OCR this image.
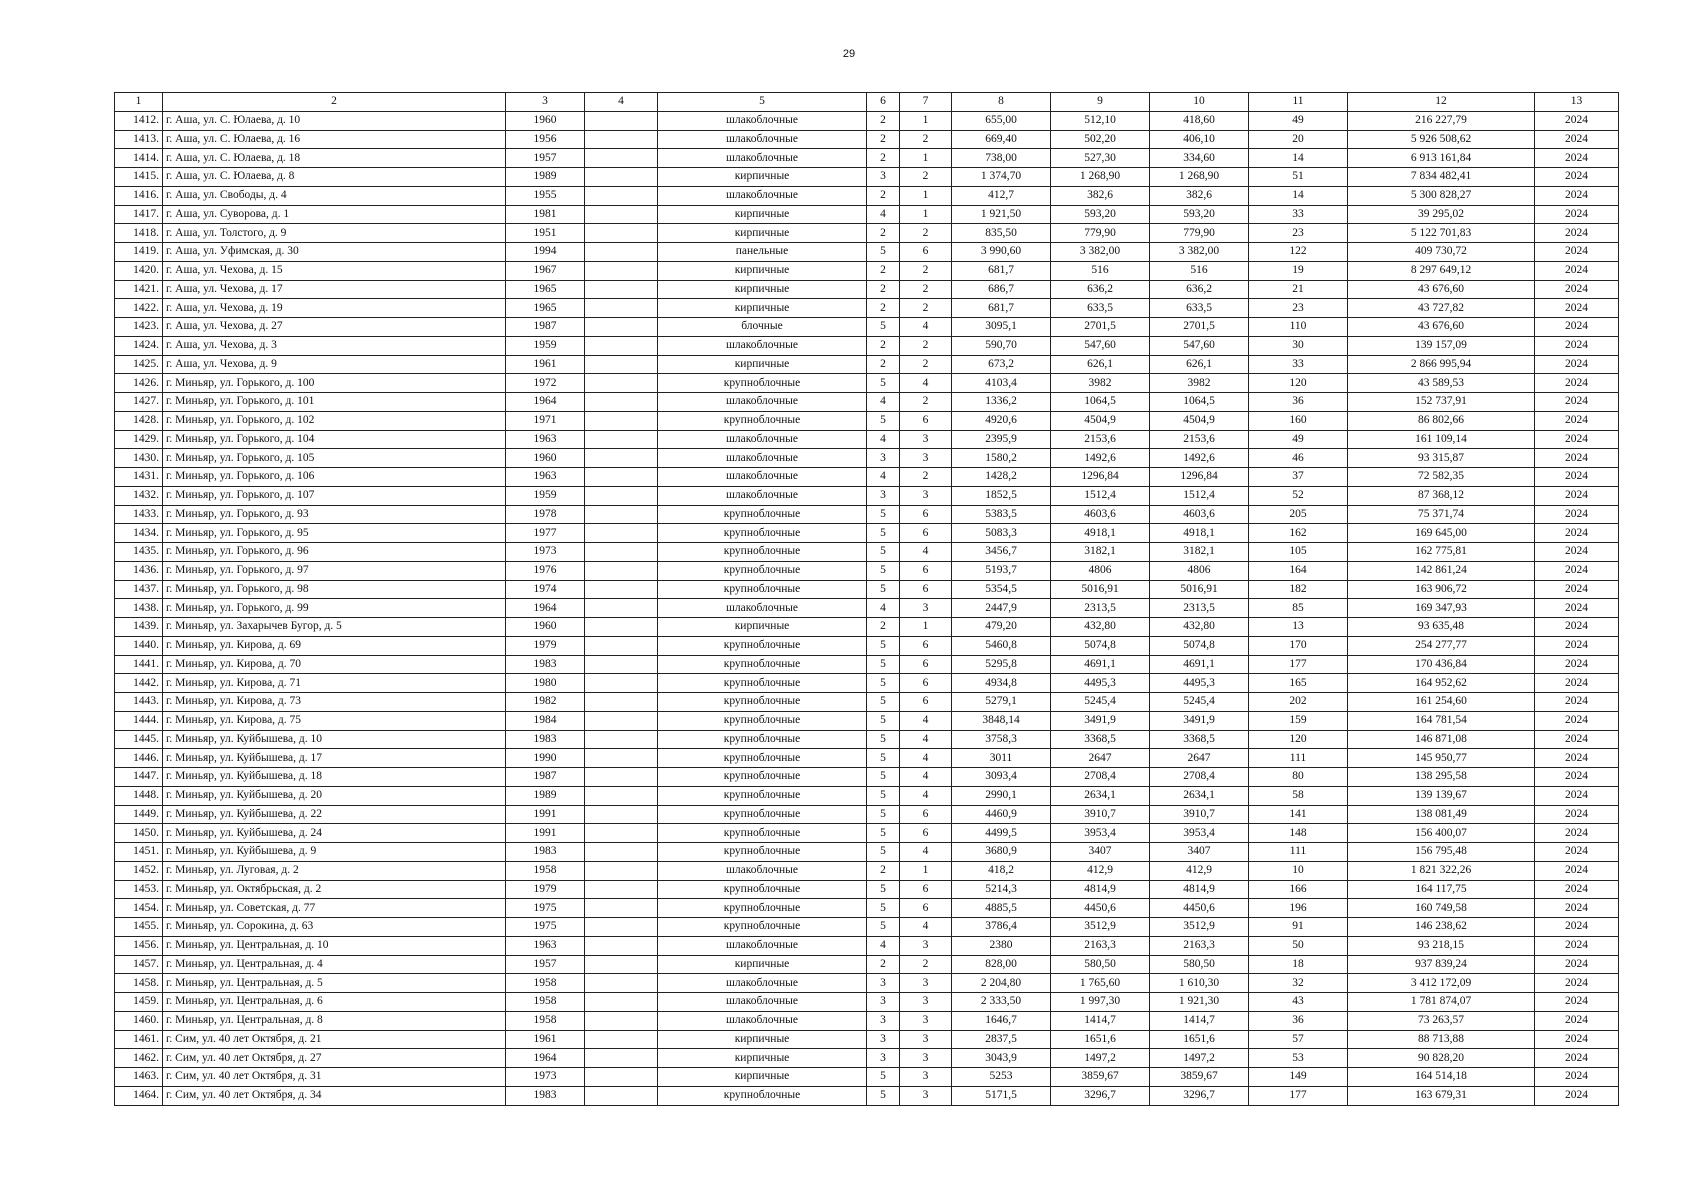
29
1	2	3	4	5	6	7	8	9	10	11	12	13
1412.	г. Аша, ул. С. Юлаева, д. 10	1960		шлакоблочные	2	1	655,00	512,10	418,60	49	216 227,79	2024
1413.	г. Аша, ул. С. Юлаева, д. 16	1956		шлакоблочные	2	2	669,40	502,20	406,10	20	5 926 508,62	2024
1414.	г. Аша, ул. С. Юлаева, д. 18	1957		шлакоблочные	2	1	738,00	527,30	334,60	14	6 913 161,84	2024
1415.	г. Аша, ул. С. Юлаева, д. 8	1989		кирпичные	3	2	1 374,70	1 268,90	1 268,90	51	7 834 482,41	2024
1416.	г. Аша, ул. Свободы, д. 4	1955		шлакоблочные	2	1	412,7	382,6	382,6	14	5 300 828,27	2024
1417.	г. Аша, ул. Суворова, д. 1	1981		кирпичные	4	1	1 921,50	593,20	593,20	33	39 295,02	2024
1418.	г. Аша, ул. Толстого, д. 9	1951		кирпичные	2	2	835,50	779,90	779,90	23	5 122 701,83	2024
1419.	г. Аша, ул. Уфимская, д. 30	1994		панельные	5	6	3 990,60	3 382,00	3 382,00	122	409 730,72	2024
1420.	г. Аша, ул. Чехова, д. 15	1967		кирпичные	2	2	681,7	516	516	19	8 297 649,12	2024
1421.	г. Аша, ул. Чехова, д. 17	1965		кирпичные	2	2	686,7	636,2	636,2	21	43 676,60	2024
1422.	г. Аша, ул. Чехова, д. 19	1965		кирпичные	2	2	681,7	633,5	633,5	23	43 727,82	2024
1423.	г. Аша, ул. Чехова, д. 27	1987		блочные	5	4	3095,1	2701,5	2701,5	110	43 676,60	2024
1424.	г. Аша, ул. Чехова, д. 3	1959		шлакоблочные	2	2	590,70	547,60	547,60	30	139 157,09	2024
1425.	г. Аша, ул. Чехова, д. 9	1961		кирпичные	2	2	673,2	626,1	626,1	33	2 866 995,94	2024
1426.	г. Миньяр, ул. Горького, д. 100	1972		крупноблочные	5	4	4103,4	3982	3982	120	43 589,53	2024
1427.	г. Миньяр, ул. Горького, д. 101	1964		шлакоблочные	4	2	1336,2	1064,5	1064,5	36	152 737,91	2024
1428.	г. Миньяр, ул. Горького, д. 102	1971		крупноблочные	5	6	4920,6	4504,9	4504,9	160	86 802,66	2024
1429.	г. Миньяр, ул. Горького, д. 104	1963		шлакоблочные	4	3	2395,9	2153,6	2153,6	49	161 109,14	2024
1430.	г. Миньяр, ул. Горького, д. 105	1960		шлакоблочные	3	3	1580,2	1492,6	1492,6	46	93 315,87	2024
1431.	г. Миньяр, ул. Горького, д. 106	1963		шлакоблочные	4	2	1428,2	1296,84	1296,84	37	72 582,35	2024
1432.	г. Миньяр, ул. Горького, д. 107	1959		шлакоблочные	3	3	1852,5	1512,4	1512,4	52	87 368,12	2024
1433.	г. Миньяр, ул. Горького, д. 93	1978		крупноблочные	5	6	5383,5	4603,6	4603,6	205	75 371,74	2024
1434.	г. Миньяр, ул. Горького, д. 95	1977		крупноблочные	5	6	5083,3	4918,1	4918,1	162	169 645,00	2024
1435.	г. Миньяр, ул. Горького, д. 96	1973		крупноблочные	5	4	3456,7	3182,1	3182,1	105	162 775,81	2024
1436.	г. Миньяр, ул. Горького, д. 97	1976		крупноблочные	5	6	5193,7	4806	4806	164	142 861,24	2024
1437.	г. Миньяр, ул. Горького, д. 98	1974		крупноблочные	5	6	5354,5	5016,91	5016,91	182	163 906,72	2024
1438.	г. Миньяр, ул. Горького, д. 99	1964		шлакоблочные	4	3	2447,9	2313,5	2313,5	85	169 347,93	2024
1439.	г. Миньяр, ул. Захарычев Бугор, д. 5	1960		кирпичные	2	1	479,20	432,80	432,80	13	93 635,48	2024
1440.	г. Миньяр, ул. Кирова, д. 69	1979		крупноблочные	5	6	5460,8	5074,8	5074,8	170	254 277,77	2024
1441.	г. Миньяр, ул. Кирова, д. 70	1983		крупноблочные	5	6	5295,8	4691,1	4691,1	177	170 436,84	2024
1442.	г. Миньяр, ул. Кирова, д. 71	1980		крупноблочные	5	6	4934,8	4495,3	4495,3	165	164 952,62	2024
1443.	г. Миньяр, ул. Кирова, д. 73	1982		крупноблочные	5	6	5279,1	5245,4	5245,4	202	161 254,60	2024
1444.	г. Миньяр, ул. Кирова, д. 75	1984		крупноблочные	5	4	3848,14	3491,9	3491,9	159	164 781,54	2024
1445.	г. Миньяр, ул. Куйбышева, д. 10	1983		крупноблочные	5	4	3758,3	3368,5	3368,5	120	146 871,08	2024
1446.	г. Миньяр, ул. Куйбышева, д. 17	1990		крупноблочные	5	4	3011	2647	2647	111	145 950,77	2024
1447.	г. Миньяр, ул. Куйбышева, д. 18	1987		крупноблочные	5	4	3093,4	2708,4	2708,4	80	138 295,58	2024
1448.	г. Миньяр, ул. Куйбышева, д. 20	1989		крупноблочные	5	4	2990,1	2634,1	2634,1	58	139 139,67	2024
1449.	г. Миньяр, ул. Куйбышева, д. 22	1991		крупноблочные	5	6	4460,9	3910,7	3910,7	141	138 081,49	2024
1450.	г. Миньяр, ул. Куйбышева, д. 24	1991		крупноблочные	5	6	4499,5	3953,4	3953,4	148	156 400,07	2024
1451.	г. Миньяр, ул. Куйбышева, д. 9	1983		крупноблочные	5	4	3680,9	3407	3407	111	156 795,48	2024
1452.	г. Миньяр, ул. Луговая, д. 2	1958		шлакоблочные	2	1	418,2	412,9	412,9	10	1 821 322,26	2024
1453.	г. Миньяр, ул. Октябрьская, д. 2	1979		крупноблочные	5	6	5214,3	4814,9	4814,9	166	164 117,75	2024
1454.	г. Миньяр, ул. Советская, д. 77	1975		крупноблочные	5	6	4885,5	4450,6	4450,6	196	160 749,58	2024
1455.	г. Миньяр, ул. Сорокина, д. 63	1975		крупноблочные	5	4	3786,4	3512,9	3512,9	91	146 238,62	2024
1456.	г. Миньяр, ул. Центральная, д. 10	1963		шлакоблочные	4	3	2380	2163,3	2163,3	50	93 218,15	2024
1457.	г. Миньяр, ул. Центральная, д. 4	1957		кирпичные	2	2	828,00	580,50	580,50	18	937 839,24	2024
1458.	г. Миньяр, ул. Центральная, д. 5	1958		шлакоблочные	3	3	2 204,80	1 765,60	1 610,30	32	3 412 172,09	2024
1459.	г. Миньяр, ул. Центральная, д. 6	1958		шлакоблочные	3	3	2 333,50	1 997,30	1 921,30	43	1 781 874,07	2024
1460.	г. Миньяр, ул. Центральная, д. 8	1958		шлакоблочные	3	3	1646,7	1414,7	1414,7	36	73 263,57	2024
1461.	г. Сим, ул. 40 лет Октября, д. 21	1961		кирпичные	3	3	2837,5	1651,6	1651,6	57	88 713,88	2024
1462.	г. Сим, ул. 40 лет Октября, д. 27	1964		кирпичные	3	3	3043,9	1497,2	1497,2	53	90 828,20	2024
1463.	г. Сим, ул. 40 лет Октября, д. 31	1973		кирпичные	5	3	5253	3859,67	3859,67	149	164 514,18	2024
1464.	г. Сим, ул. 40 лет Октября, д. 34	1983		крупноблочные	5	3	5171,5	3296,7	3296,7	177	163 679,31	2024
